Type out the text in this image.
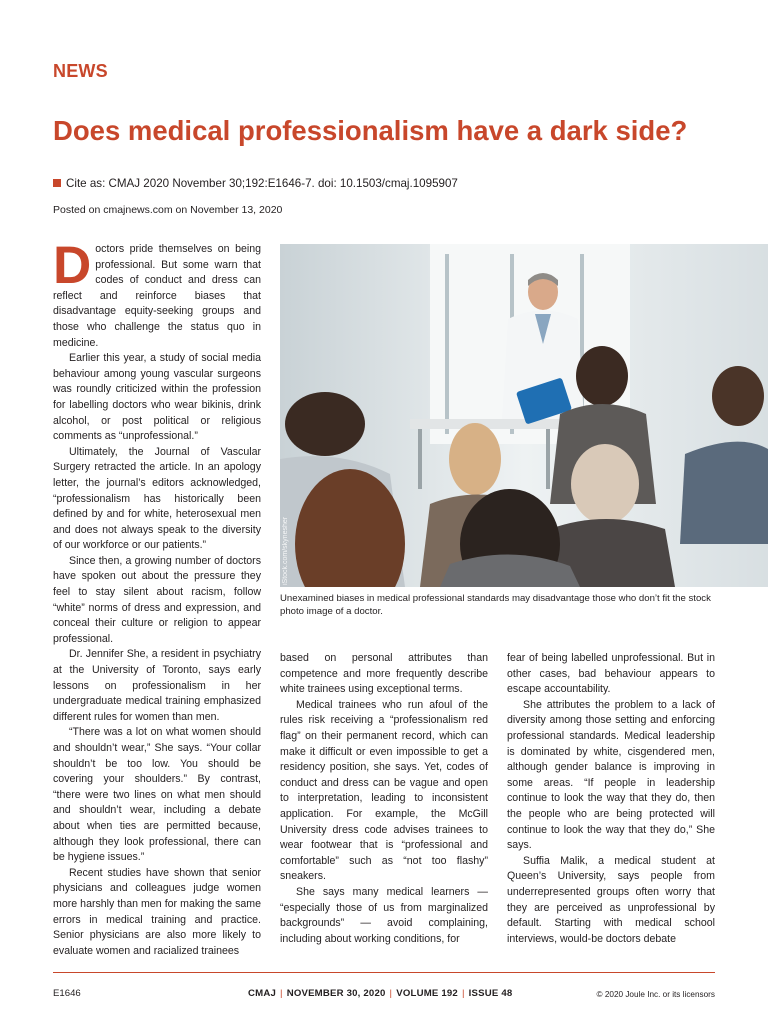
NEWS
Does medical professionalism have a dark side?
Cite as: CMAJ 2020 November 30;192:E1646-7. doi: 10.1503/cmaj.1095907
Posted on cmajnews.com on November 13, 2020

Doctors pride themselves on being professional. But some warn that codes of conduct and dress can reflect and reinforce biases that disadvantage equity-seeking groups and those who challenge the status quo in medicine.

Earlier this year, a study of social media behaviour among young vascular surgeons was roundly criticized within the profession for labelling doctors who wear bikinis, drink alcohol, or post political or religious comments as “unprofessional.”

Ultimately, the Journal of Vascular Surgery retracted the article. In an apology letter, the journal’s editors acknowledged, “professionalism has historically been defined by and for white, heterosexual men and does not always speak to the diversity of our workforce or our patients.”

Since then, a growing number of doctors have spoken out about the pressure they feel to stay silent about racism, follow “white” norms of dress and expression, and conceal their culture or religion to appear professional.

Dr. Jennifer She, a resident in psychiatry at the University of Toronto, says early lessons on professionalism in her undergraduate medical training emphasized different rules for women than men.

“There was a lot on what women should and shouldn’t wear,” She says. “Your collar shouldn’t be too low. You should be covering your shoulders.” By contrast, “there were two lines on what men should and shouldn’t wear, including a debate about when ties are permitted because, although they look professional, there can be hygiene issues.”

Recent studies have shown that senior physicians and colleagues judge women more harshly than men for making the same errors in medical training and practice. Senior physicians are also more likely to evaluate women and racialized trainees

iStock.com/skynesher
Unexamined biases in medical professional standards may disadvantage those who don’t fit the stock photo image of a doctor.

based on personal attributes than competence and more frequently describe white trainees using exceptional terms.

Medical trainees who run afoul of the rules risk receiving a “professionalism red flag” on their permanent record, which can make it difficult or even impossible to get a residency position, she says. Yet, codes of conduct and dress can be vague and open to interpretation, leading to inconsistent application. For example, the McGill University dress code advises trainees to wear footwear that is “professional and comfortable” such as “not too flashy” sneakers.

She says many medical learners — “especially those of us from marginalized backgrounds” — avoid complaining, including about working conditions, for

fear of being labelled unprofessional. But in other cases, bad behaviour appears to escape accountability.

She attributes the problem to a lack of diversity among those setting and enforcing professional standards. Medical leadership is dominated by white, cisgendered men, although gender balance is improving in some areas. “If people in leadership continue to look the way that they do, then the people who are being protected will continue to look the way that they do,” She says.

Suffia Malik, a medical student at Queen’s University, says people from underrepresented groups often worry that they are perceived as unprofessional by default. Starting with medical school interviews, would-be doctors debate

E1646	CMAJ | NOVEMBER 30, 2020 | VOLUME 192 | ISSUE 48	© 2020 Joule Inc. or its licensors
